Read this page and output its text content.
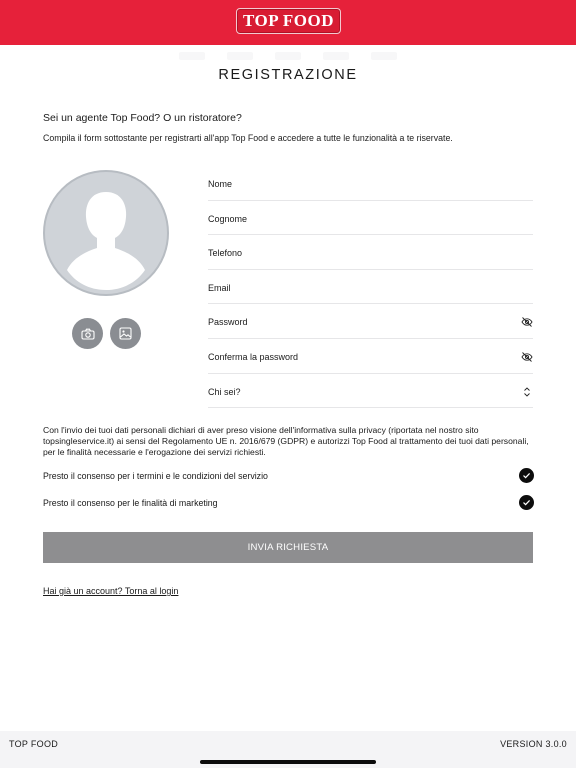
TOP FOOD
REGISTRAZIONE
Sei un agente Top Food? O un ristoratore?
Compila il form sottostante per registrarti all'app Top Food e accedere a tutte le funzionalità a te riservate.
Nome
Cognome
Telefono
Email
Password
Conferma la password
Chi sei?
Con l'invio dei tuoi dati personali dichiari di aver preso visione dell'informativa sulla privacy (riportata nel nostro sito topsingleservice.it) ai sensi del Regolamento UE n. 2016/679 (GDPR) e autorizzi Top Food al trattamento dei tuoi dati personali, per le finalità necessarie e l'erogazione dei servizi richiesti.
Presto il consenso per i termini e le condizioni del servizio
Presto il consenso per le finalità di marketing
INVIA RICHIESTA
Hai già un account? Torna al login
TOP FOOD	VERSION 3.0.0
